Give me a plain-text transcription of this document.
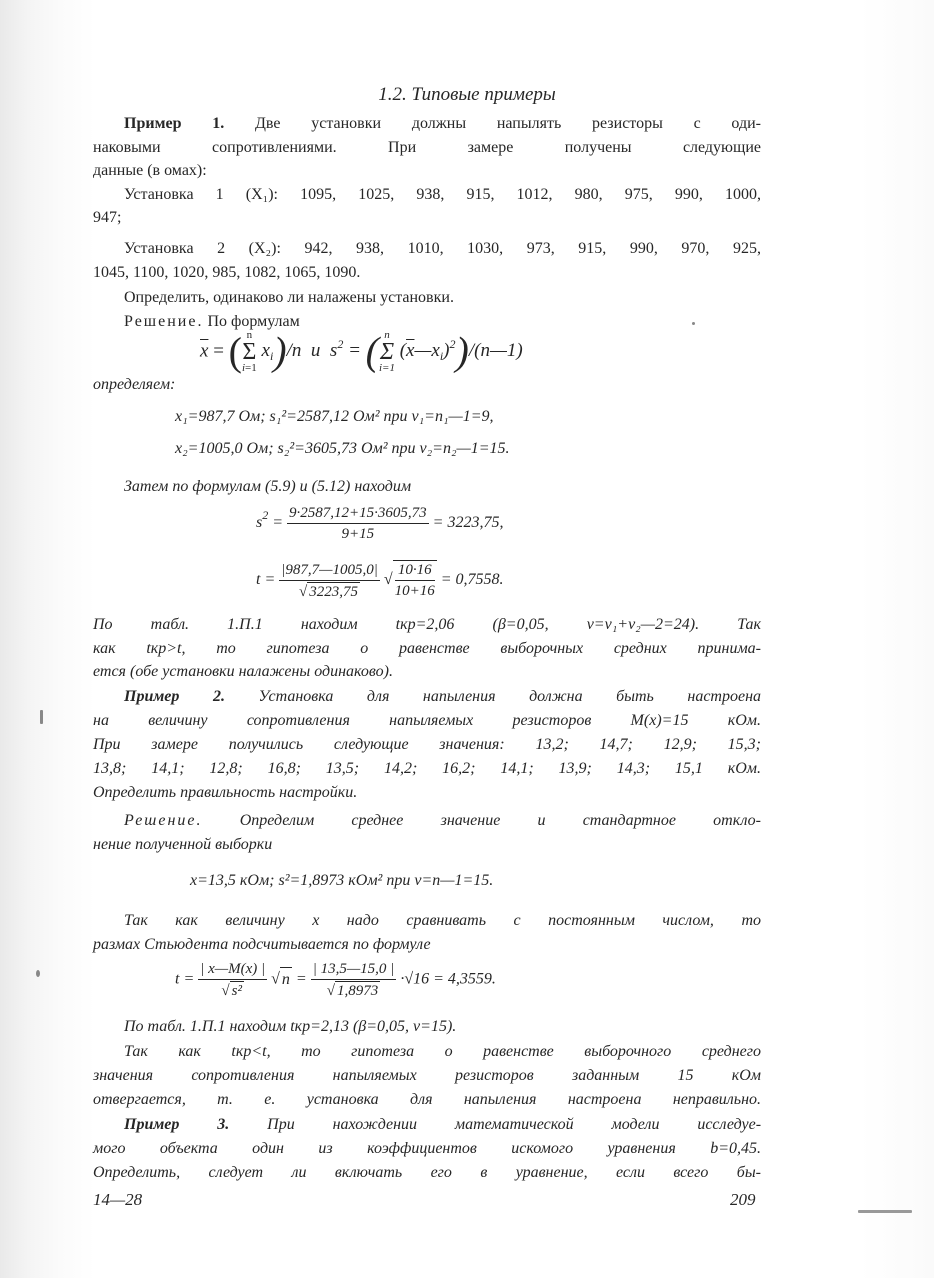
1.2. Типовые примеры
Пример 1. Две установки должны напылять резисторы с оди-
наковыми сопротивлениями. При замере получены следующие
данные (в омах):
Установка 1 (X₁): 1095, 1025, 938, 915, 1012, 980, 975, 990, 1000,
947;
Установка 2 (X₂): 942, 938, 1010, 1030, 973, 915, 990, 970, 925,
1045, 1100, 1020, 985, 1082, 1065, 1090.
Определить, одинаково ли налажены установки.
Решение. По формулам
$\overline{x}$ = ( n
Σ
i=1 $x_i)/n$  и  $s^2$ = ( n
Σ
i=1 $(\overline{x}—x_i)^2)/(n—1)$
определяем:
x₁=987,7 Ом; s₁²=2587,12 Ом² при ν₁=n₁—1=9,
x₂=1005,0 Ом; s₂²=3605,73 Ом² при ν₂=n₂—1=15.
Затем по формулам (5.9) и (5.12) находим
$s^2 = \frac{9\cdot 2587,12+15\cdot 3605,73}{9+15} = 3223,75$,
$t = \frac{|987,7—1005,0|}{√ 3223,75}$ √ $\frac{10\cdot 16}{10+16} = 0,7558$.
По табл. 1.П.1 находим tкр=2,06 (β=0,05, ν=ν₁+ν₂—2=24). Так
как tкр>t, то гипотеза о равенстве выборочных средних принима-
ется (обе установки налажены одинаково).
Пример 2. Установка для напыления должна быть настроена
на величину сопротивления напыляемых резисторов M(x)=15 кОм.
При замере получились следующие значения: 13,2; 14,7; 12,9; 15,3;
13,8; 14,1; 12,8; 16,8; 13,5; 14,2; 16,2; 14,1; 13,9; 14,3; 15,1 кОм.
Определить правильность настройки.
Решение. Определим среднее значение и стандартное откло-
нение полученной выборки
x=13,5 кОм; s²=1,8973 кОм² при ν=n—1=15.
Так как величину x надо сравнивать с постоянным числом, то
размах Стьюдента подсчитывается по формуле
$t = \frac{| x—M(x) |}{\text{√ s²}}$ √ $n = \frac{| 13,5—15,0 |}{√ 1,8973} \cdot√16 = 4,3559$.
По табл. 1.П.1 находим tкр=2,13 (β=0,05, ν=15).
Так как tкр<t, то гипотеза о равенстве выборочного среднего
значения сопротивления напыляемых резисторов заданным 15 кОм
отвергается, т. е. установка для напыления настроена неправильно.
Пример 3. При нахождении математической модели исследуе-
мого объекта один из коэффициентов искомого уравнения b=0,45.
Определить, следует ли включать его в уравнение, если всего бы-
14—28	209
